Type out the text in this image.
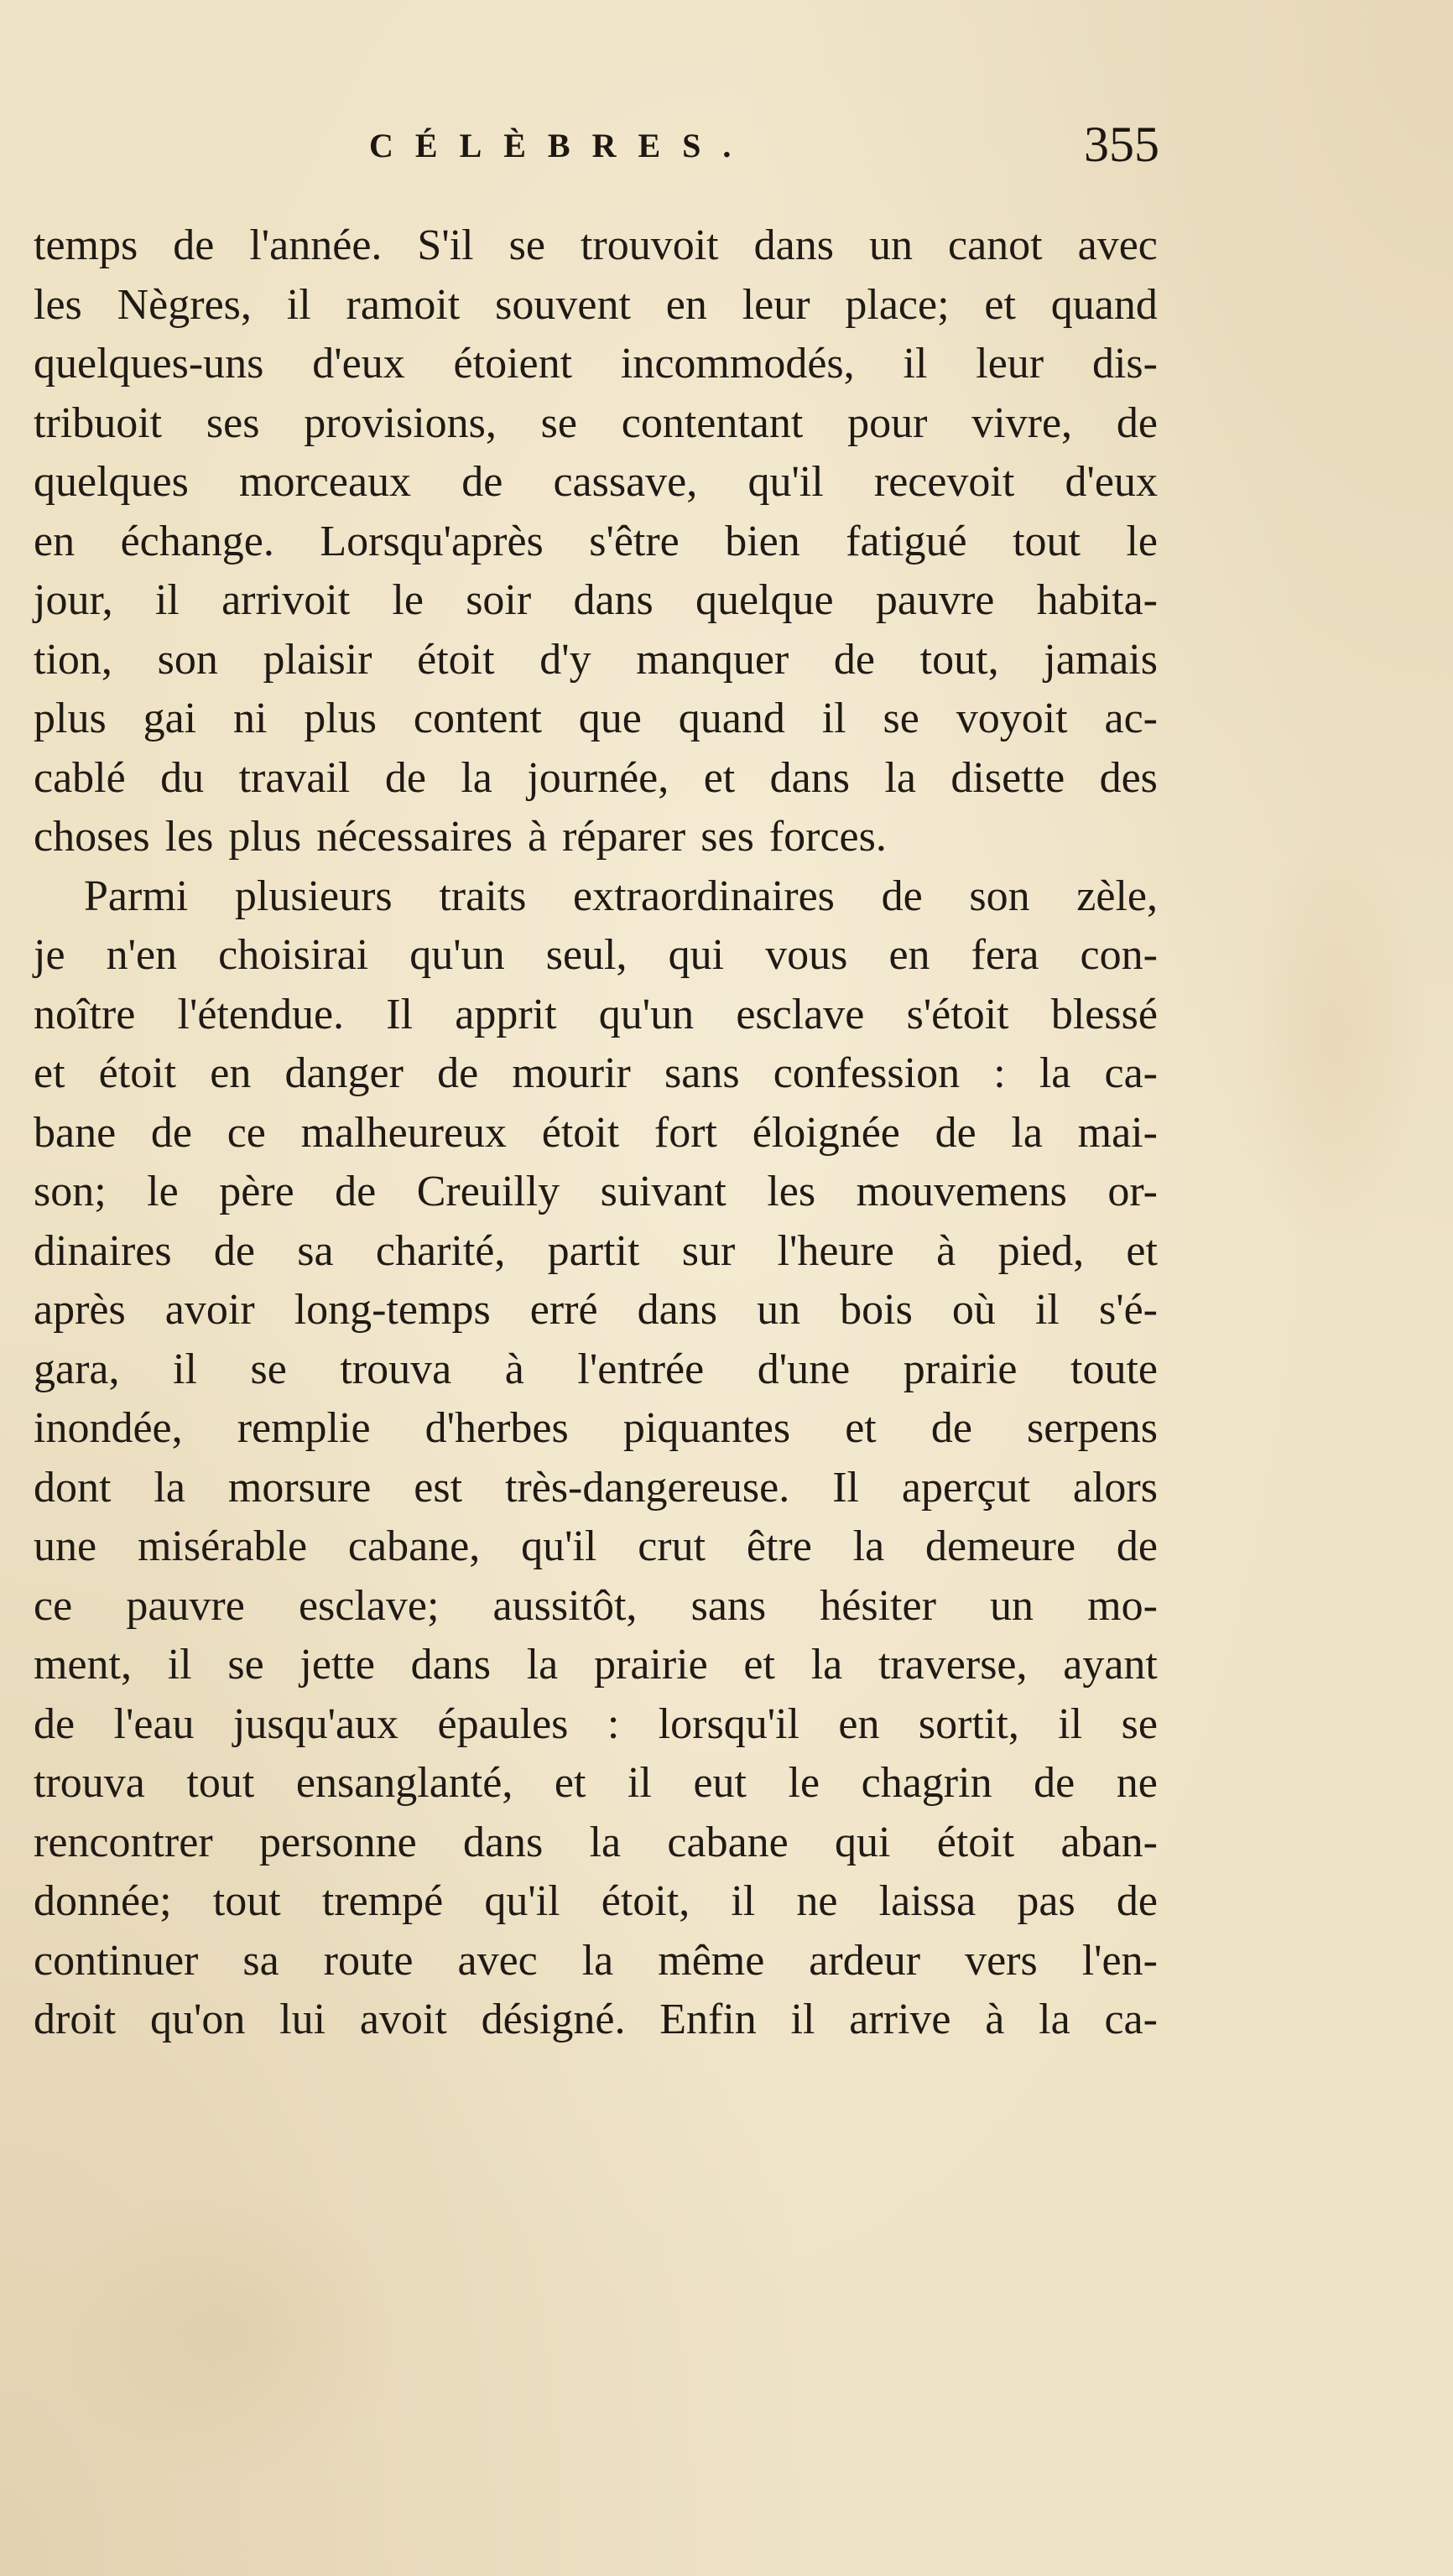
CÉLÈBRES.	355
temps de l'année. S'il se trouvoit dans un canot avec
les Nègres, il ramoit souvent en leur place; et quand
quelques-uns d'eux étoient incommodés, il leur dis-
tribuoit ses provisions, se contentant pour vivre, de
quelques morceaux de cassave, qu'il recevoit d'eux
en échange. Lorsqu'après s'être bien fatigué tout le
jour, il arrivoit le soir dans quelque pauvre habita-
tion, son plaisir étoit d'y manquer de tout, jamais
plus gai ni plus content que quand il se voyoit ac-
cablé du travail de la journée, et dans la disette des
choses les plus nécessaires à réparer ses forces.
Parmi plusieurs traits extraordinaires de son zèle,
je n'en choisirai qu'un seul, qui vous en fera con-
noître l'étendue. Il apprit qu'un esclave s'étoit blessé
et étoit en danger de mourir sans confession : la ca-
bane de ce malheureux étoit fort éloignée de la mai-
son; le père de Creuilly suivant les mouvemens or-
dinaires de sa charité, partit sur l'heure à pied, et
après avoir long-temps erré dans un bois où il s'é-
gara, il se trouva à l'entrée d'une prairie toute
inondée, remplie d'herbes piquantes et de serpens
dont la morsure est très-dangereuse. Il aperçut alors
une misérable cabane, qu'il crut être la demeure de
ce pauvre esclave; aussitôt, sans hésiter un mo-
ment, il se jette dans la prairie et la traverse, ayant
de l'eau jusqu'aux épaules : lorsqu'il en sortit, il se
trouva tout ensanglanté, et il eut le chagrin de ne
rencontrer personne dans la cabane qui étoit aban-
donnée; tout trempé qu'il étoit, il ne laissa pas de
continuer sa route avec la même ardeur vers l'en-
droit qu'on lui avoit désigné. Enfin il arrive à la ca-
